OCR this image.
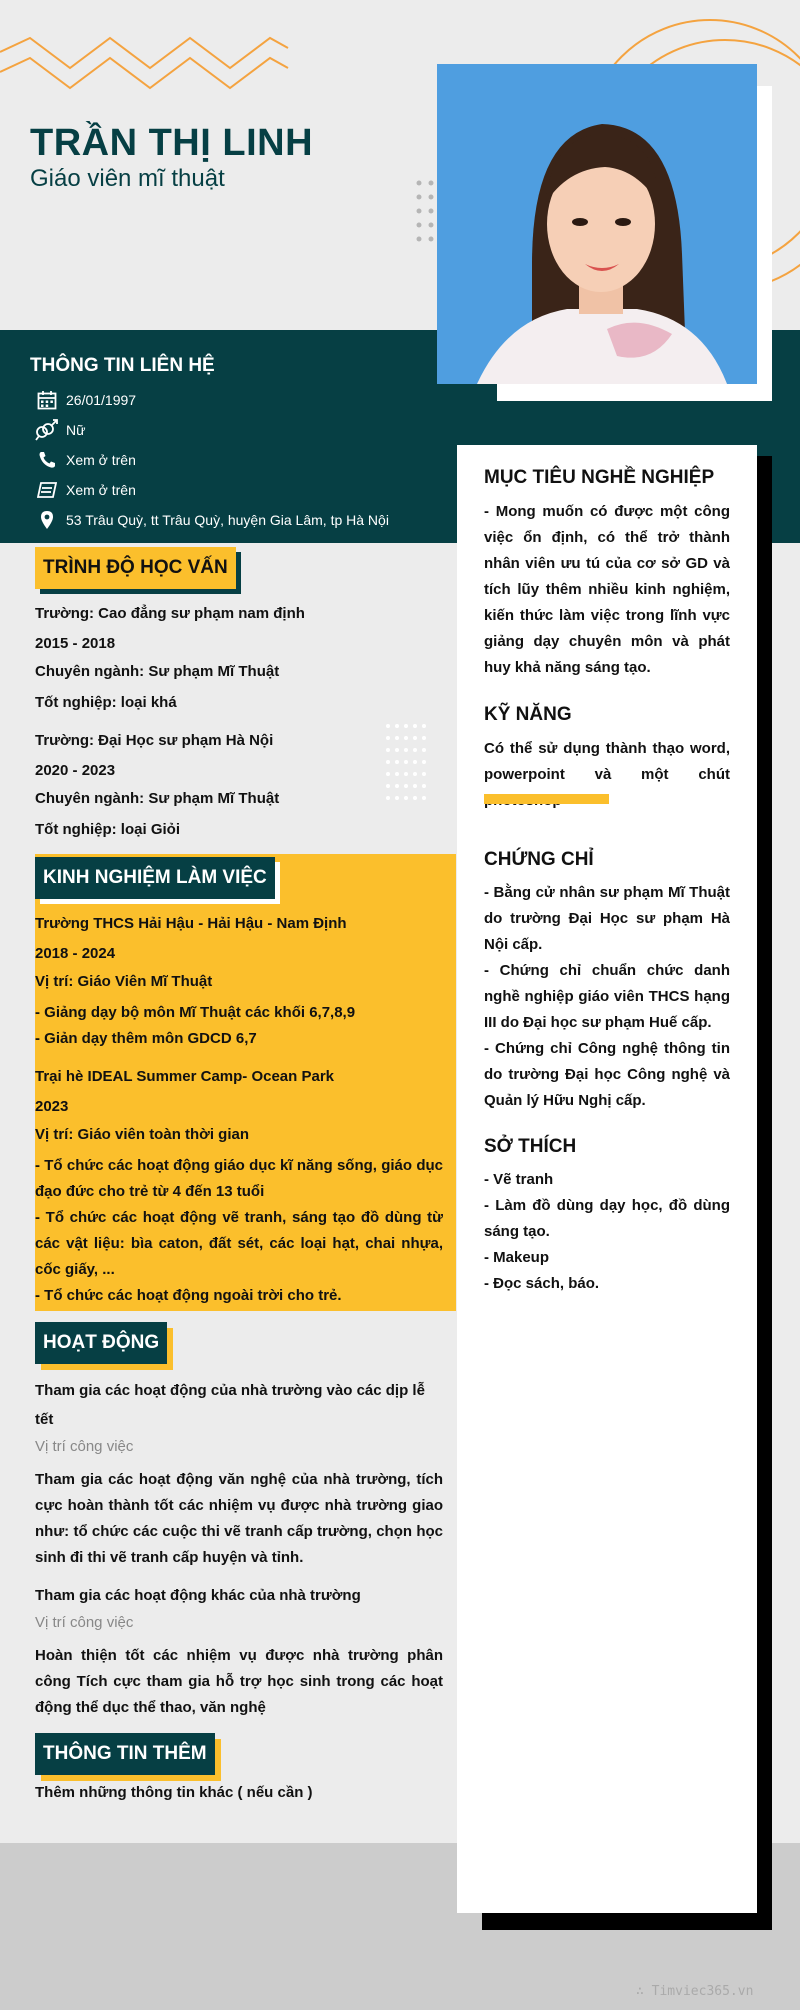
TRẦN THỊ LINH
Giáo viên mĩ thuật
THÔNG TIN LIÊN HỆ
26/01/1997
Nữ
Xem ở trên
Xem ở trên
53 Trâu Quỳ, tt Trâu Quỳ, huyện Gia Lâm, tp Hà Nội
MỤC TIÊU NGHỀ NGHIỆP
- Mong muốn có được một công việc ổn định, có thể trở thành nhân viên ưu tú của cơ sở GD và tích lũy thêm nhiều kinh nghiệm, kiến thức làm việc trong lĩnh vực giảng dạy chuyên môn và phát huy khả năng sáng tạo.
KỸ NĂNG
Có thể sử dụng thành thạo word, powerpoint và một chút
CHỨNG CHỈ
- Bằng cử nhân sư phạm Mĩ Thuật do trường Đại Học sư phạm Hà Nội cấp.
- Chứng chỉ chuẩn chức danh nghề nghiệp giáo viên THCS hạng III do Đại học sư phạm Huế cấp.
- Chứng chỉ Công nghệ thông tin do trường Đại học Công nghệ và Quản lý Hữu Nghị cấp.
SỞ THÍCH
- Vẽ tranh
- Làm đồ dùng dạy học, đồ dùng sáng tạo.
- Makeup
- Đọc sách, báo.
TRÌNH ĐỘ HỌC VẤN
Trường: Cao đẳng sư phạm nam định
2015 - 2018
Chuyên ngành: Sư phạm Mĩ Thuật
Tốt nghiệp: loại khá
Trường: Đại Học sư phạm Hà Nội
2020 - 2023
Chuyên ngành: Sư phạm Mĩ Thuật
Tốt nghiệp: loại Giỏi
KINH NGHIỆM LÀM VIỆC
Trường THCS Hải Hậu - Hải Hậu - Nam Định
2018 - 2024
Vị trí: Giáo Viên Mĩ Thuật
- Giảng dạy bộ môn Mĩ Thuật các khối 6,7,8,9
- Giản dạy thêm môn GDCD 6,7
Trại hè IDEAL Summer Camp- Ocean Park
2023
Vị trí: Giáo viên toàn thời gian
- Tổ chức các hoạt động giáo dục kĩ năng sống, giáo dục đạo đức cho trẻ từ 4 đến 13 tuổi
- Tổ chức các hoạt động vẽ tranh, sáng tạo đồ dùng từ các vật liệu: bìa caton, đất sét, các loại hạt, chai nhựa, cốc giấy, ...
- Tổ chức các hoạt động ngoài trời cho trẻ.
HOẠT ĐỘNG
Tham gia các hoạt động của nhà trường vào các dịp lễ tết
Vị trí công việc
Tham gia các hoạt động văn nghệ của nhà trường, tích cực hoàn thành tốt các nhiệm vụ được nhà trường giao như: tổ chức các cuộc thi vẽ tranh cấp trường, chọn học sinh đi thi vẽ tranh cấp huyện và tỉnh.
Tham gia các hoạt động khác của nhà trường
Vị trí công việc
Hoàn thiện tốt các nhiệm vụ được nhà trường phân công Tích cực tham gia hỗ trợ học sinh trong các hoạt động thể dục thể thao, văn nghệ
THÔNG TIN THÊM
Thêm những thông tin khác ( nếu cần )
∴ Timviec365.vn
